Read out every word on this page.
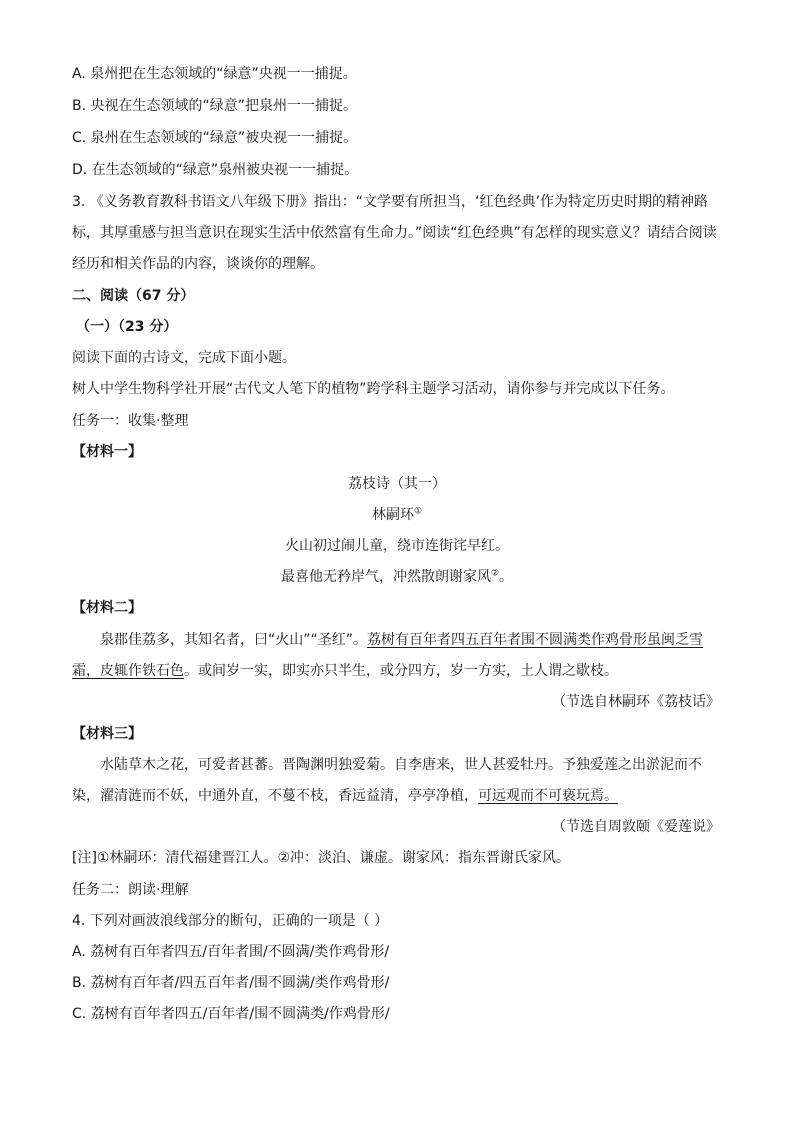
A. 泉州把在生态领域的“绿意”央视一一捕捉。
B. 央视在生态领域的“绿意”把泉州一一捕捉。
C. 泉州在生态领域的“绿意”被央视一一捕捉。
D. 在生态领域的“绿意”泉州被央视一一捕捉。
3. 《义务教育教科书语文八年级下册》指出：“文学要有所担当，‘红色经典’作为特定历史时期的精神路
标，其厚重感与担当意识在现实生活中依然富有生命力。”阅读“红色经典”有怎样的现实意义？请结合阅读
经历和相关作品的内容，谈谈你的理解。
二、阅读（67 分）
（一）（23 分）
阅读下面的古诗文，完成下面小题。
树人中学生物科学社开展“古代文人笔下的植物”跨学科主题学习活动，请你参与并完成以下任务。
任务一：收集·整理
【材料一】
荔枝诗（其一）
林嗣环①
火山初过闹儿童，绕市连街诧早红。
最喜他无矜岸气，冲然散朗谢家风②。
【材料二】
泉郡佳荔多，其知名者，曰“火山”“圣红”。荔树有百年者四五百年者围不圆满类作鸡骨形虽闽乏雪
霜，皮辄作铁石色。或间岁一实，即实亦只半生，或分四方，岁一方实，土人谓之歇枝。
（节选自林嗣环《荔枝话》
【材料三】
水陆草木之花，可爱者甚蕃。晋陶渊明独爱菊。自李唐来，世人甚爱牡丹。予独爱莲之出淤泥而不
染，濯清涟而不妖，中通外直，不蔓不枝，香远益清，亭亭净植，可远观而不可亵玩焉。
（节选自周敦颐《爱莲说》
[注]①林嗣环：清代福建晋江人。②冲：淡泊、谦虚。谢家风：指东晋谢氏家风。
任务二：朗读·理解
4. 下列对画波浪线部分的断句，正确的一项是（ ）
A. 荔树有百年者四五/百年者围/不圆满/类作鸡骨形/
B. 荔树有百年者/四五百年者/围不圆满/类作鸡骨形/
C. 荔树有百年者四五/百年者/围不圆满类/作鸡骨形/
